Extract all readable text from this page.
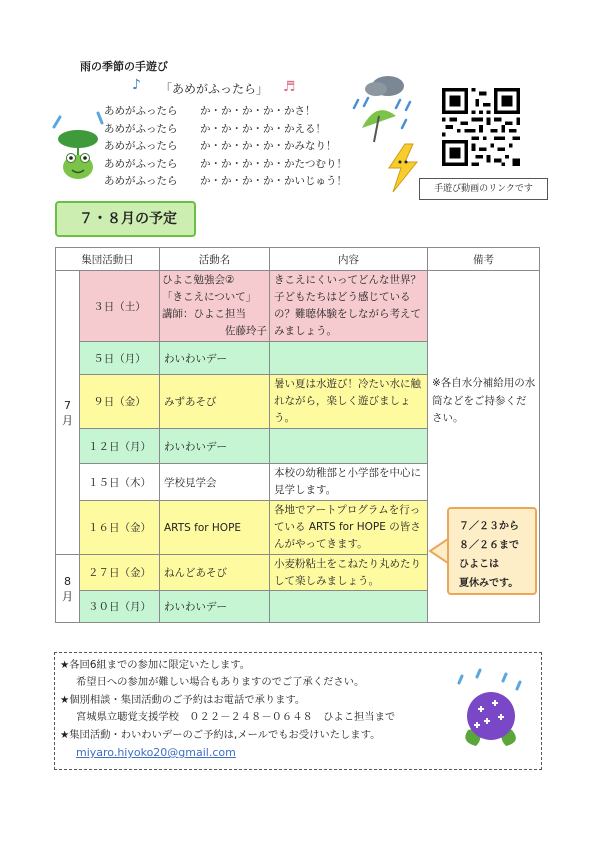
雨の季節の手遊び
♪ 「あめがふったら」 ♬
あめがふったら か・か・か・か・かさ！
あめがふったら か・か・か・か・かえる！
あめがふったら か・か・か・か・かみなり！
あめがふったら か・か・か・か・かたつむり！
あめがふったら か・か・か・か・かいじゅう！
手遊び動画のリンクです
７・８月の予定
集団活動日		活動名	内容	備考
7月	３日（土）	ひよこ勉強会②
「きこえについて」
講師：ひよこ担当
佐藤玲子	きこえにくいってどんな世界？子どもたちはどう感じているの？難聴体験をしながら考えてみましょう。	※各自水分補給用の水筒などをご持参ください。
	５日（月）	わいわいデー		
	９日（金）	みずあそび	暑い夏は水遊び！冷たい水に触れながら，楽しく遊びましょう。	
	１２日（月）	わいわいデー		
	１５日（木）	学校見学会	本校の幼稚部と小学部を中心に見学します。	
	１６日（金）	ARTS for HOPE	各地でアートプログラムを行っている ARTS for HOPE の皆さんがやってきます。	
8月	２７日（金）	ねんどあそび	小麦粉粘土をこねたり丸めたりして楽しみましょう。	
	３０日（月）	わいわいデー		
７／２３から
８／２６まで
ひよこは
夏休みです。
★各回6組までの参加に限定いたします。
希望日への参加が難しい場合もありますのでご了承ください。
★個別相談・集団活動のご予約はお電話で承ります。
宮城県立聴覚支援学校　０２２－２４８－０６４８　ひよこ担当まで
★集団活動・わいわいデーのご予約は,メールでもお受けいたします。
miyaro.hiyoko20@gmail.com
